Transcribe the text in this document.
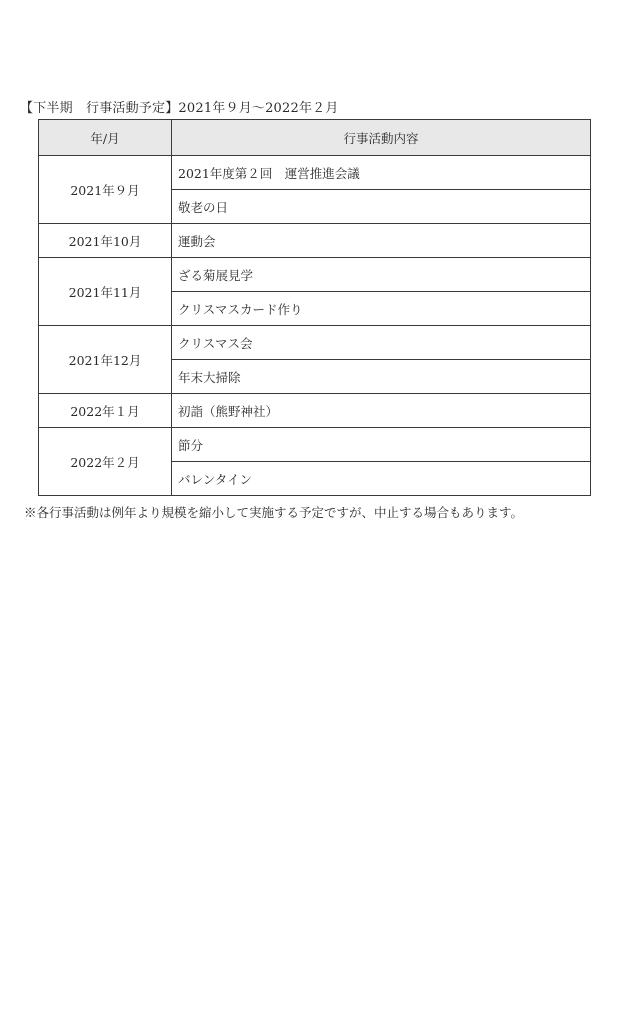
【下半期　行事活動予定】2021年９月～2022年２月
年/月	行事活動内容
2021年９月	2021年度第２回　運営推進会議
	敬老の日
2021年10月	運動会
2021年11月	ざる菊展見学
	クリスマスカード作り
2021年12月	クリスマス会
	年末大掃除
2022年１月	初詣（熊野神社）
2022年２月	節分
	バレンタイン
※各行事活動は例年より規模を縮小して実施する予定ですが、中止する場合もあります。
